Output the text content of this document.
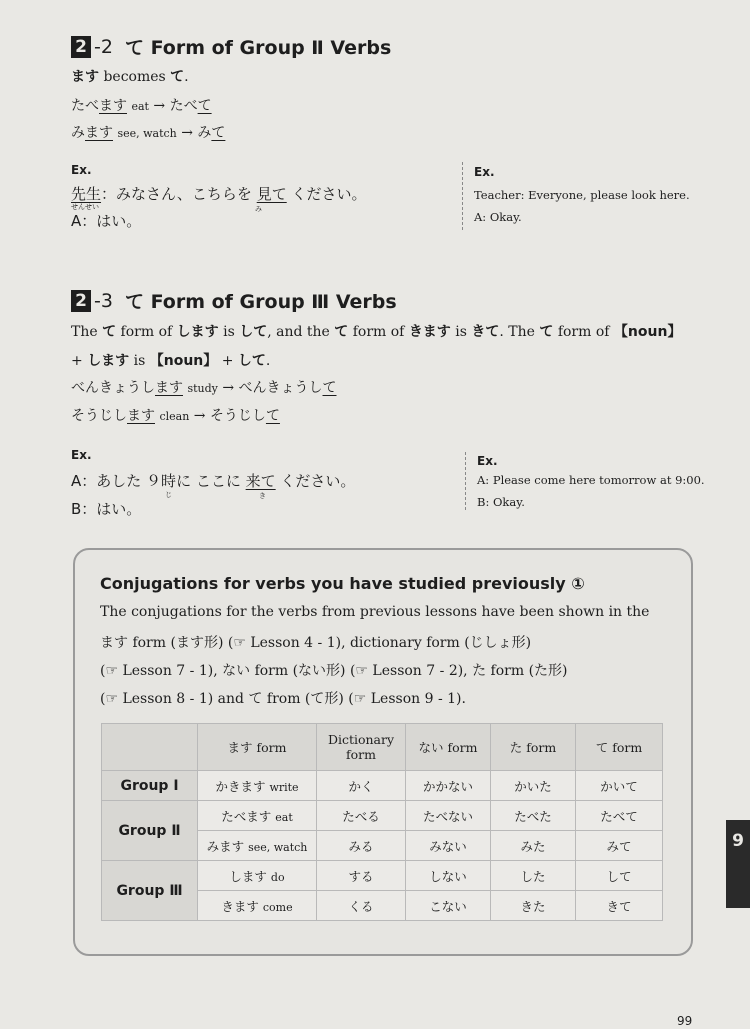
2 -2 て Form of Group Ⅱ Verbs
ます becomes て.
たべます eat → たべて
みます see, watch → みて
Ex.
先生：みなさん、こちらを 見て ください。
せんせい	み
A：はい。
Ex.
Teacher: Everyone, please look here.
A: Okay.
2 -3 て Form of Group Ⅲ Verbs
The て form of します is して, and the て form of きます is きて. The て form of 【noun】
+ します is 【noun】 + して.
べんきょうします study → べんきょうして
そうじします clean → そうじして
Ex.
A：あした ９時に ここに 来て ください。
じ	き
B：はい。
Ex.
A: Please come here tomorrow at 9:00.
B: Okay.
Conjugations for verbs you have studied previously ①
The conjugations for the verbs from previous lessons have been shown in the
ます form (ます形) (☞ Lesson 4 - 1), dictionary form (じしょ形)
(☞ Lesson 7 - 1), ない form (ない形) (☞ Lesson 7 - 2), た form (た形)
(☞ Lesson 8 - 1) and て from (て形) (☞ Lesson 9 - 1).
	ます form	Dictionary form	ない form	た form	て form
Group Ⅰ	かきます write	かく	かかない	かいた	かいて
Group Ⅱ	たべます eat	たべる	たべない	たべた	たべて
	みます see, watch	みる	みない	みた	みて
Group Ⅲ	します do	する	しない	した	して
	きます come	くる	こない	きた	きて
9
99
